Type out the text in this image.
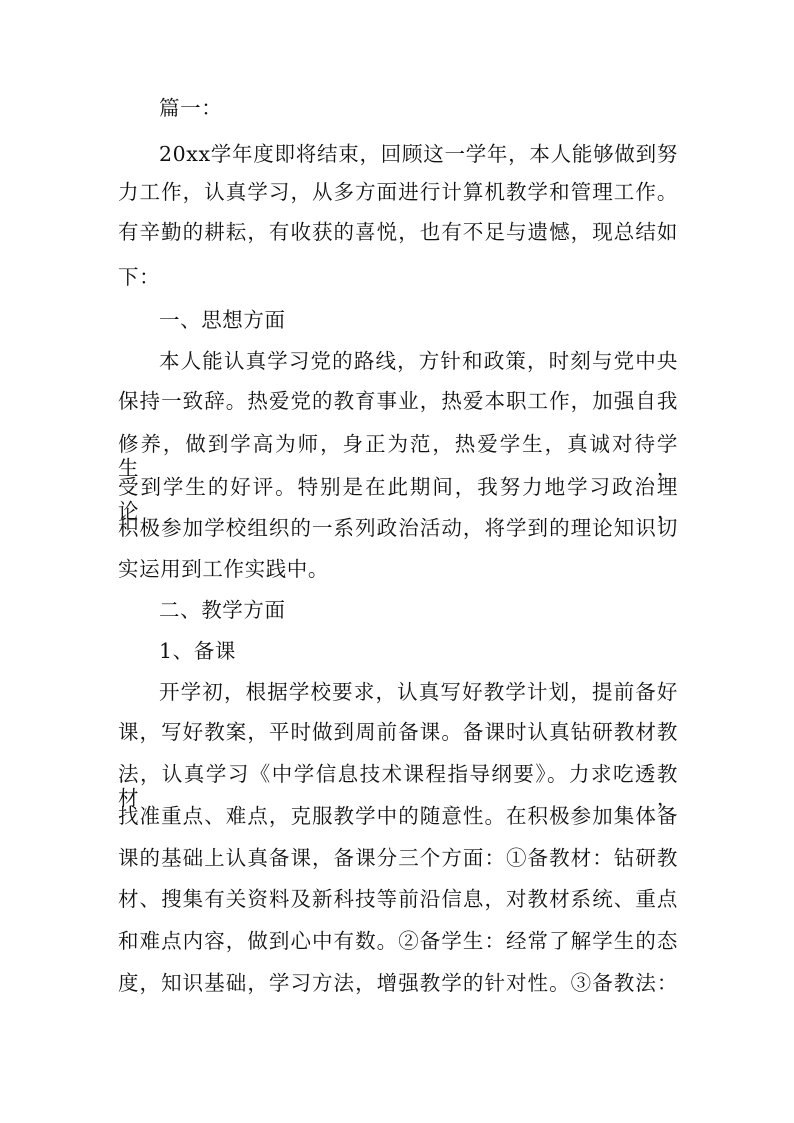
篇一：

20xx学年度即将结束，回顾这一学年，本人能够做到努

力工作，认真学习，从多方面进行计算机教学和管理工作。

有辛勤的耕耘，有收获的喜悦，也有不足与遗憾，现总结如

下：

一、思想方面

本人能认真学习党的路线，方针和政策，时刻与党中央

保持一致辞。热爱党的教育事业，热爱本职工作，加强自我

修养，做到学高为师，身正为范，热爱学生，真诚对待学生，

受到学生的好评。特别是在此期间，我努力地学习政治理论，

积极参加学校组织的一系列政治活动，将学到的理论知识切

实运用到工作实践中。

二、教学方面

1、备课

开学初，根据学校要求，认真写好教学计划，提前备好

课，写好教案，平时做到周前备课。备课时认真钻研教材教

法，认真学习《中学信息技术课程指导纲要》。力求吃透教材，

找准重点、难点，克服教学中的随意性。在积极参加集体备

课的基础上认真备课，备课分三个方面：①备教材：钻研教

材、搜集有关资料及新科技等前沿信息，对教材系统、重点

和难点内容，做到心中有数。②备学生：经常了解学生的态

度，知识基础，学习方法，增强教学的针对性。③备教法：
